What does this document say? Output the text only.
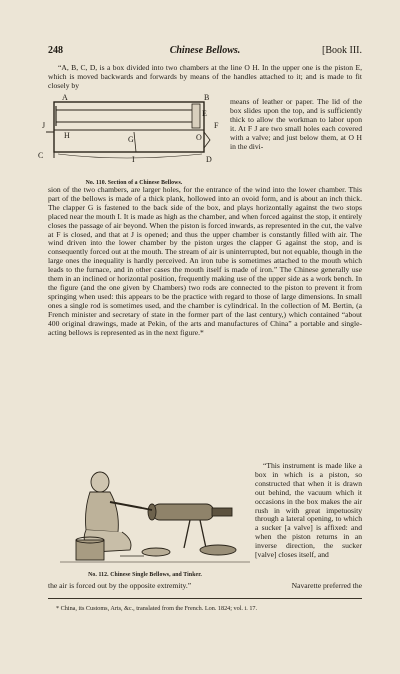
248	Chinese Bellows.	[Book III.
“A, B, C, D, is a box divided into two chambers at the line O H. In the upper one is the piston E, which is moved backwards and forwards by means of the handles attached to it; and is made to fit closely by
A	B
J
H
E
F
G	O
C	I	D
No. 110. Section of a Chinese Bellows.
means of leather or paper. The lid of the box slides upon the top, and is sufficiently thick to allow the workman to labor upon it. At F J are two small holes each covered with a valve; and just below them, at O H in the divi-
sion of the two chambers, are larger holes, for the entrance of the wind into the lower chamber. This part of the bellows is made of a thick plank, hollowed into an ovoid form, and is about an inch thick. The clapper G is fastened to the back side of the box, and plays horizontally against the two stops placed near the mouth I. It is made as high as the chamber, and when forced against the stop, it entirely closes the passage of air beyond. When the piston is forced inwards, as represented in the cut, the valve at F is closed, and that at J is opened; and thus the upper chamber is constantly filled with air. The wind driven into the lower chamber by the piston urges the clapper G against the stop, and is consequently forced out at the mouth. The stream of air is uninterrupted, but not equable, though in the large ones the inequality is hardly perceived. An iron tube is sometimes attached to the mouth which leads to the furnace, and in other cases the mouth itself is made of iron.” The Chinese generally use them in an inclined or horizontal position, frequently making use of the upper side as a work bench. In the figure (and the one given by Chambers) two rods are connected to the piston to prevent it from springing when used: this appears to be the practice with regard to those of large dimensions. In small ones a single rod is sometimes used, and the chamber is cylindrical. In the collection of M. Bertin, (a French minister and secretary of state in the former part of the last century,) which contained “about 400 original drawings, made at Pekin, of the arts and manufactures of China” a portable and single-acting bellows is represented as in the next figure.*
No. 112. Chinese Single Bellows, and Tinker.
“This instrument is made like a box in which is a piston, so constructed that when it is drawn out behind, the vacuum which it occasions in the box makes the air rush in with great impetuosity through a lateral opening, to which a sucker [a valve] is affixed: and when the piston returns in an inverse direction, the sucker [valve] closes itself, and
the air is forced out by the opposite extremity.”	Navarette preferred the
* China, its Customs, Arts, &c., translated from the French. Lon. 1824; vol. i. 17.
